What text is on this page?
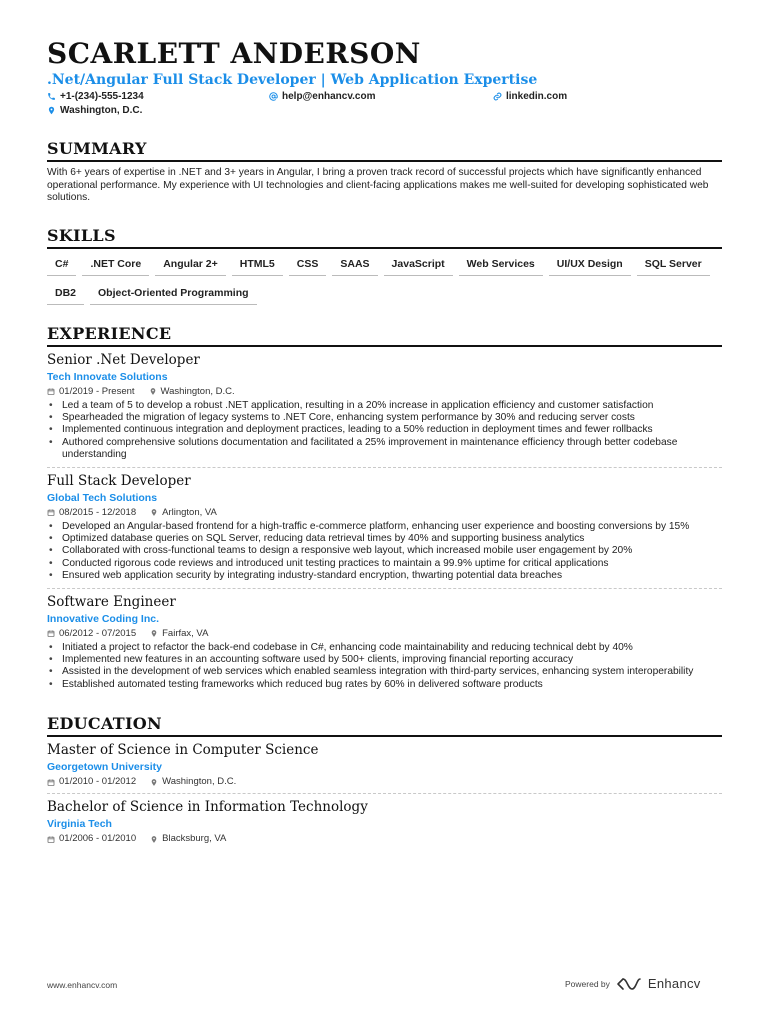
SCARLETT ANDERSON
.Net/Angular Full Stack Developer | Web Application Expertise
+1-(234)-555-1234	help@enhancv.com	linkedin.com
Washington, D.C.
SUMMARY
With 6+ years of expertise in .NET and 3+ years in Angular, I bring a proven track record of successful projects which have significantly enhanced operational performance. My experience with UI technologies and client-facing applications makes me well-suited for developing sophisticated web solutions.
SKILLS
C#	.NET Core	Angular 2+	HTML5	CSS	SAAS	JavaScript	Web Services	UI/UX Design	SQL Server
DB2	Object-Oriented Programming
EXPERIENCE
Senior .Net Developer
Tech Innovate Solutions
01/2019 - Present	Washington, D.C.
• Led a team of 5 to develop a robust .NET application, resulting in a 20% increase in application efficiency and customer satisfaction
• Spearheaded the migration of legacy systems to .NET Core, enhancing system performance by 30% and reducing server costs
• Implemented continuous integration and deployment practices, leading to a 50% reduction in deployment times and fewer rollbacks
• Authored comprehensive solutions documentation and facilitated a 25% improvement in maintenance efficiency through better codebase understanding
Full Stack Developer
Global Tech Solutions
08/2015 - 12/2018	Arlington, VA
• Developed an Angular-based frontend for a high-traffic e-commerce platform, enhancing user experience and boosting conversions by 15%
• Optimized database queries on SQL Server, reducing data retrieval times by 40% and supporting business analytics
• Collaborated with cross-functional teams to design a responsive web layout, which increased mobile user engagement by 20%
• Conducted rigorous code reviews and introduced unit testing practices to maintain a 99.9% uptime for critical applications
• Ensured web application security by integrating industry-standard encryption, thwarting potential data breaches
Software Engineer
Innovative Coding Inc.
06/2012 - 07/2015	Fairfax, VA
• Initiated a project to refactor the back-end codebase in C#, enhancing code maintainability and reducing technical debt by 40%
• Implemented new features in an accounting software used by 500+ clients, improving financial reporting accuracy
• Assisted in the development of web services which enabled seamless integration with third-party services, enhancing system interoperability
• Established automated testing frameworks which reduced bug rates by 60% in delivered software products
EDUCATION
Master of Science in Computer Science
Georgetown University
01/2010 - 01/2012	Washington, D.C.
Bachelor of Science in Information Technology
Virginia Tech
01/2006 - 01/2010	Blacksburg, VA
www.enhancv.com	Powered by	Enhancv
